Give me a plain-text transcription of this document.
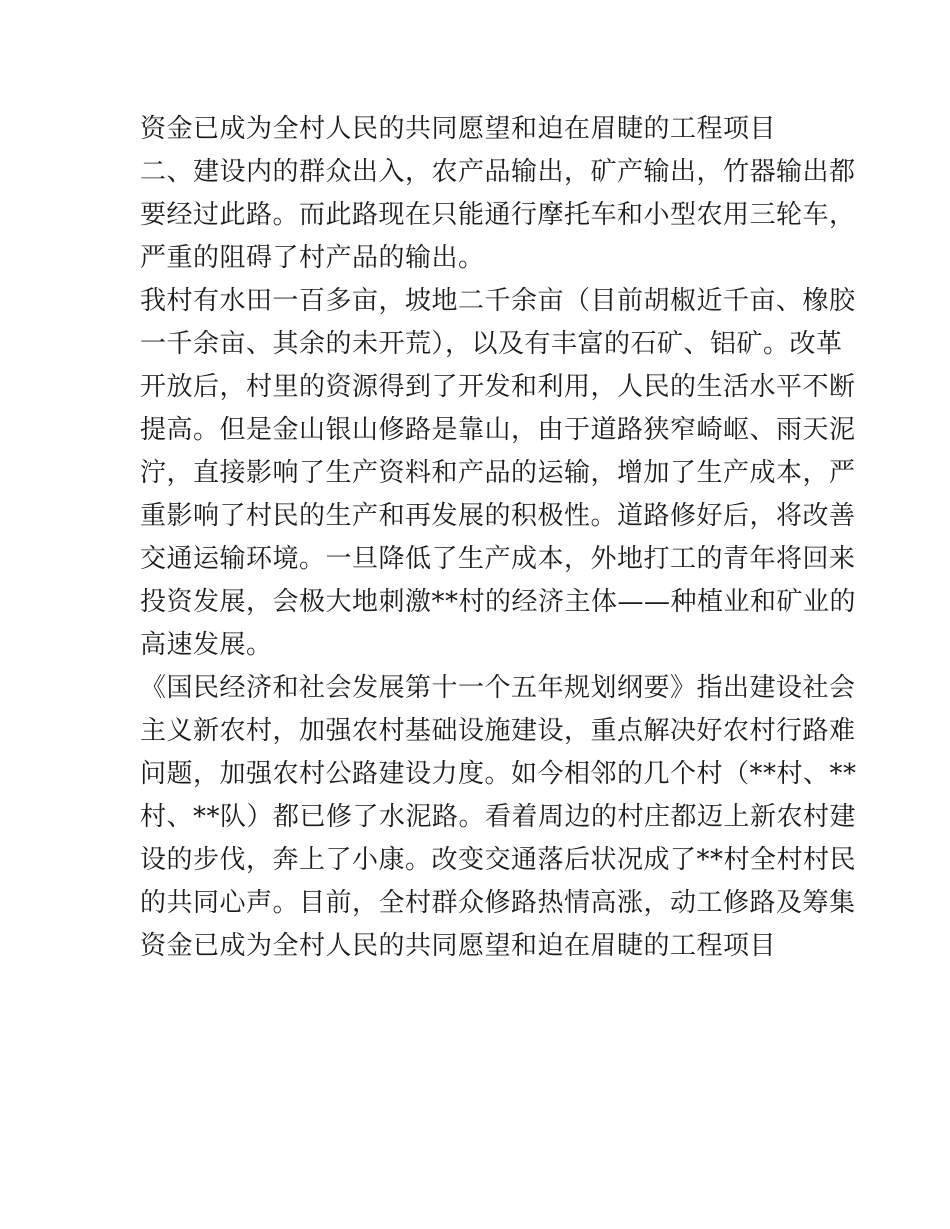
资金已成为全村人民的共同愿望和迫在眉睫的工程项目
二、建设内的群众出入，农产品输出，矿产输出，竹器输出都
要经过此路。而此路现在只能通行摩托车和小型农用三轮车，
严重的阻碍了村产品的输出。
我村有水田一百多亩，坡地二千余亩（目前胡椒近千亩、橡胶
一千余亩、其余的未开荒），以及有丰富的石矿、铝矿。改革
开放后，村里的资源得到了开发和利用，人民的生活水平不断
提高。但是金山银山修路是靠山，由于道路狭窄崎岖、雨天泥
泞，直接影响了生产资料和产品的运输，增加了生产成本，严
重影响了村民的生产和再发展的积极性。道路修好后，将改善
交通运输环境。一旦降低了生产成本，外地打工的青年将回来
投资发展，会极大地刺激**村的经济主体——种植业和矿业的
高速发展。
《国民经济和社会发展第十一个五年规划纲要》指出建设社会
主义新农村，加强农村基础设施建设，重点解决好农村行路难
问题，加强农村公路建设力度。如今相邻的几个村（**村、**
村、**队）都已修了水泥路。看着周边的村庄都迈上新农村建
设的步伐，奔上了小康。改变交通落后状况成了**村全村村民
的共同心声。目前，全村群众修路热情高涨，动工修路及筹集
资金已成为全村人民的共同愿望和迫在眉睫的工程项目
